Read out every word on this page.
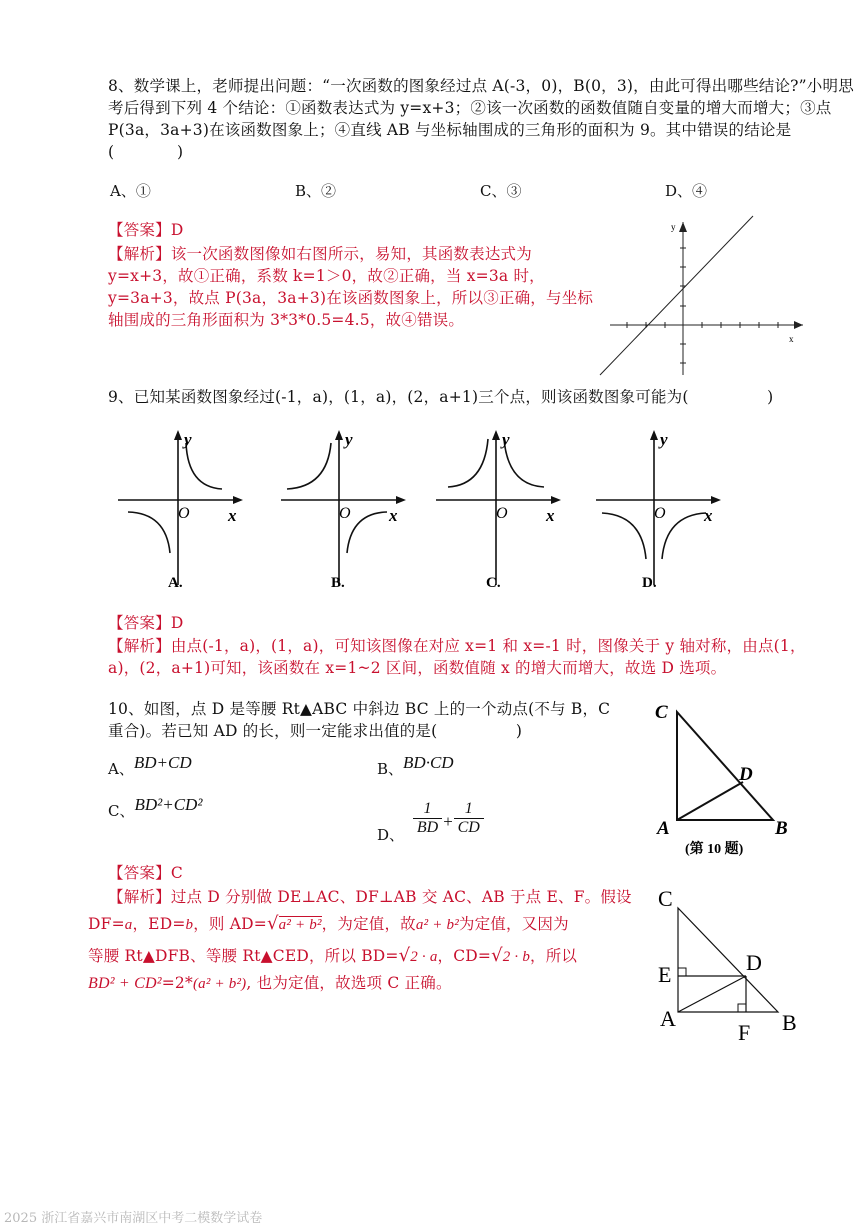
8、数学课上，老师提出问题：“一次函数的图象经过点 A(-3，0)，B(0，3)，由此可得出哪些结论?”小明思考后得到下列 4 个结论：①函数表达式为 y=x+3；②该一次函数的函数值随自变量的增大而增大；③点 P(3a，3a+3)在该函数图象上；④直线 AB 与坐标轴围成的三角形的面积为 9。其中错误的结论是(　　　　)
A、①	B、②	C、③	D、④
【答案】D
【解析】该一次函数图像如右图所示，易知，其函数表达式为 y=x+3，故①正确，系数 k=1＞0，故②正确，当 x=3a 时，y=3a+3，故点 P(3a，3a+3)在该函数图象上，所以③正确，与坐标轴围成的三角形面积为 3*3*0.5=4.5，故④错误。
y
x
9、已知某函数图象经过(-1，a)，(1，a)，(2，a+1)三个点，则该函数图象可能为(　　　　　)
y
O x
A.
y
O x
B.
y
O x
C.
y
O x
D.
【答案】D
【解析】由点(-1，a)，(1，a)，可知该图像在对应 x=1 和 x=-1 时，图像关于 y 轴对称，由点(1，a)，(2，a+1)可知，该函数在 x=1~2 区间，函数值随 x 的增大而增大，故选 D 选项。
10、如图，点 D 是等腰 Rt▲ABC 中斜边 BC 上的一个动点(不与 B，C 重合)。若已知 AD 的长，则一定能求出值的是(　　　　　)
A、BD+CD	B、BD·CD
C、BD²+CD²
D、 $\frac{1}{BD} + \frac{1}{CD}$
C
D
A	B
(第 10 题)
【答案】C
【解析】过点 D 分别做 DE⊥AC、DF⊥AB 交 AC、AB 于点 E、F。假设
DF=a，ED=b，则 AD=√a² + b²，为定值，故a² + b²为定值，又因为
等腰 Rt▲DFB、等腰 Rt▲CED，所以 BD=√2 · a，CD=√2 · b，所以
BD² + CD²=2*(a² + b²), 也为定值，故选项 C 正确。
C
E	D
A
F B
2025 浙江省嘉兴市南湖区中考二模数学试卷
